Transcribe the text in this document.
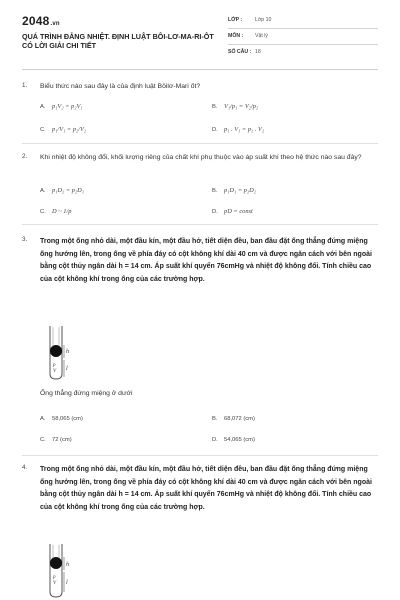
2048.vn
QUÁ TRÌNH ĐẲNG NHIỆT. ĐỊNH LUẬT BÔI-LƠ-MA-RI-ÔT CÓ LỜI GIẢI CHI TIẾT
LỚP : Lớp 10
MÔN : Vật lý
SỐ CÂU : 18
1. Biểu thức nào sau đây là của định luật Bôilơ-Mari ốt?
A. p₁V₂ = p₂V₁	B. V₁/p₁ = V₂/p₂
C. p₁/V₁ = p₂/V₂	D. p₁ . V₁ = p₂ . V₂
2. Khi nhiệt độ không đổi, khối lượng riêng của chất khí phụ thuộc vào áp suất khí theo hệ thức nào sau đây?
A. p₁D₂ = p₂D₁	B. p₁D₁ = p₂D₂
C. D ~ 1/p	D. pD = const
3. Trong một ống nhỏ dài, một đầu kín, một đầu hở, tiết diện đều, ban đầu đặt ống thẳng đứng miệng ống hướng lên, trong ống về phía đáy có cột không khí dài 40 cm và được ngăn cách với bên ngoài bằng cột thủy ngân dài h = 14 cm. Áp suất khí quyển 76cmHg và nhiệt độ không đổi. Tính chiều cao của cột không khí trong ống của các trường hợp.
h
p
V l
Ống thẳng đứng miệng ở dưới
A. 58,065 (cm)	B. 68,072 (cm)
C. 72 (cm)	D. 54,065 (cm)
4. Trong một ống nhỏ dài, một đầu kín, một đầu hở, tiết diện đều, ban đầu đặt ống thẳng đứng miệng ống hướng lên, trong ống về phía đáy có cột không khí dài 40 cm và được ngăn cách với bên ngoài bằng cột thủy ngân dài h = 14 cm. Áp suất khí quyển 76cmHg và nhiệt độ không đổi. Tính chiều cao của cột không khí trong ống của các trường hợp.
h
p
V l
